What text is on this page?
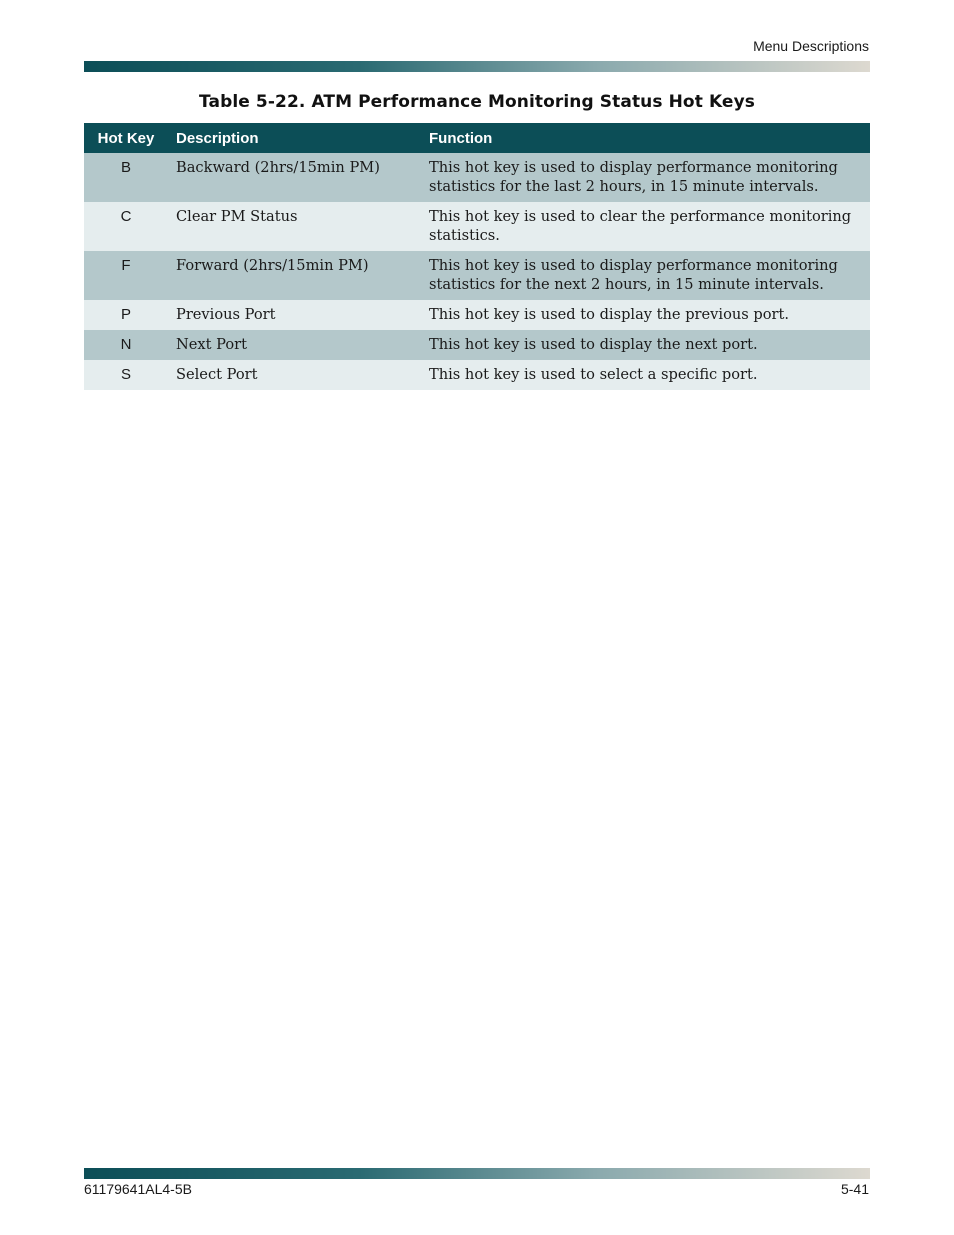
Menu Descriptions
Table 5-22. ATM Performance Monitoring Status Hot Keys
Hot Key	Description	Function
B	Backward (2hrs/15min PM)	This hot key is used to display performance monitoring statistics for the last 2 hours, in 15 minute intervals.
C	Clear PM Status	This hot key is used to clear the performance monitoring statistics.
F	Forward (2hrs/15min PM)	This hot key is used to display performance monitoring statistics for the next 2 hours, in 15 minute intervals.
P	Previous Port	This hot key is used to display the previous port.
N	Next Port	This hot key is used to display the next port.
S	Select Port	This hot key is used to select a specific port.
61179641AL4-5B	5-41
